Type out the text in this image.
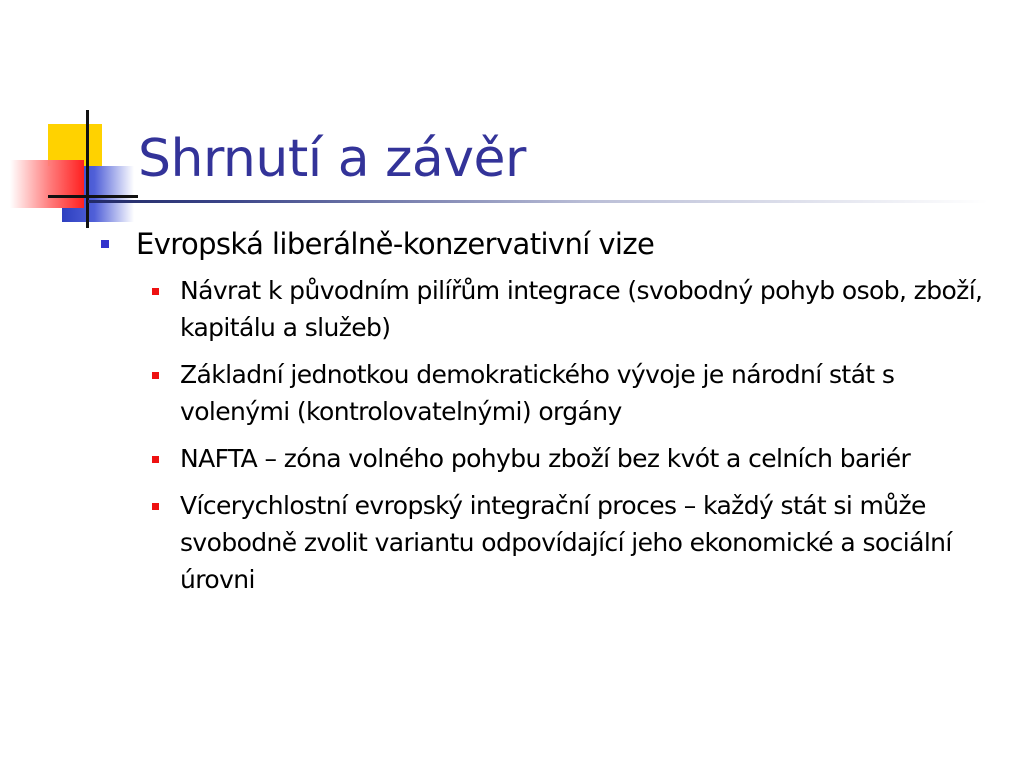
Shrnutí a závěr
Evropská liberálně-konzervativní vize
Návrat k původním pilířům integrace (svobodný pohyb osob, zboží, kapitálu a služeb)
Základní jednotkou demokratického vývoje je národní stát s volenými (kontrolovatelnými) orgány
NAFTA – zóna volného pohybu zboží bez kvót a celních bariér
Vícerychlostní evropský integrační proces – každý stát si může svobodně zvolit variantu odpovídající jeho ekonomické a sociální úrovni
